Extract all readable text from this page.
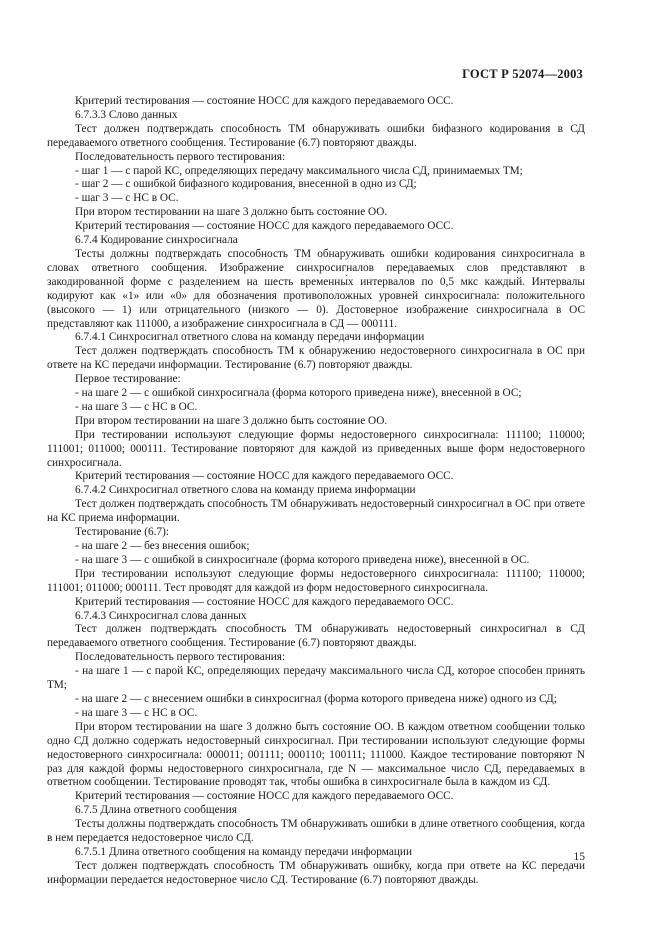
ГОСТ Р 52074—2003

Критерий тестирования — состояние НОСС для каждого передаваемого ОСС.

6.7.3.3 Слово данных

Тест должен подтверждать способность ТМ обнаруживать ошибки бифазного кодирования в СД передаваемого ответного сообщения. Тестирование (6.7) повторяют дважды.

Последовательность первого тестирования:

- шаг 1 — с парой КС, определяющих передачу максимального числа СД, принимаемых ТМ;

- шаг 2 — с ошибкой бифазного кодирования, внесенной в одно из СД;

- шаг 3 — с НС в ОС.

При втором тестировании на шаге 3 должно быть состояние ОО.

Критерий тестирования — состояние НОСС для каждого передаваемого ОСС.

6.7.4 Кодирование синхросигнала

Тесты должны подтверждать способность ТМ обнаруживать ошибки кодирования синхросигнала в словах ответного сообщения. Изображение синхросигналов передаваемых слов представляют в закодированной форме с разделением на шесть временны́х интервалов по 0,5 мкс каждый. Интервалы кодируют как «1» или «0» для обозначения противоположных уровней синхросигнала: положительного (высокого — 1) или отрицательного (низкого — 0). Достоверное изображение синхросигнала в ОС представляют как 111000, а изображение синхросигнала в СД — 000111.

6.7.4.1 Синхросигнал ответного слова на команду передачи информации

Тест должен подтверждать способность ТМ к обнаружению недостоверного синхросигнала в ОС при ответе на КС передачи информации. Тестирование (6.7) повторяют дважды.

Первое тестирование:

- на шаге 2 — с ошибкой синхросигнала (форма которого приведена ниже), внесенной в ОС;

- на шаге 3 — с НС в ОС.

При втором тестировании на шаге 3 должно быть состояние ОО.

При тестировании используют следующие формы недостоверного синхросигнала: 111100; 110000; 111001; 011000; 000111. Тестирование повторяют для каждой из приведенных выше форм недостоверного синхросигнала.

Критерий тестирования — состояние НОСС для каждого передаваемого ОСС.

6.7.4.2 Синхросигнал ответного слова на команду приема информации

Тест должен подтверждать способность ТМ обнаруживать недостоверный синхросигнал в ОС при ответе на КС приема информации.

Тестирование (6.7):

- на шаге 2 — без внесения ошибок;

- на шаге 3 — с ошибкой в синхросигнале (форма которого приведена ниже), внесенной в ОС.

При тестировании используют следующие формы недостоверного синхросигнала: 111100; 110000; 111001; 011000; 000111. Тест проводят для каждой из форм недостоверного синхросигнала.

Критерий тестирования — состояние НОСС для каждого передаваемого ОСС.

6.7.4.3 Синхросигнал слова данных

Тест должен подтверждать способность ТМ обнаруживать недостоверный синхросигнал в СД передаваемого ответного сообщения. Тестирование (6.7) повторяют дважды.

Последовательность первого тестирования:

- на шаге 1 — с парой КС, определяющих передачу максимального числа СД, которое способен принять ТМ;

- на шаге 2 — с внесением ошибки в синхросигнал (форма которого приведена ниже) одного из СД;

- на шаге 3 — с НС в ОС.

При втором тестировании на шаге 3 должно быть состояние ОО. В каждом ответном сообщении только одно СД должно содержать недостоверный синхросигнал. При тестировании используют следующие формы недостоверного синхросигнала: 000011; 001111; 000110; 100111; 111000. Каждое тестирование повторяют N раз для каждой формы недостоверного синхросигнала, где N — максимальное число СД, передаваемых в ответном сообщении. Тестирование проводят так, чтобы ошибка в синхросигнале была в каждом из СД.

Критерий тестирования — состояние НОСС для каждого передаваемого ОСС.

6.7.5 Длина ответного сообщения

Тесты должны подтверждать способность ТМ обнаруживать ошибки в длине ответного сообщения, когда в нем передается недостоверное число СД.

6.7.5.1 Длина ответного сообщения на команду передачи информации

Тест должен подтверждать способность ТМ обнаруживать ошибку, когда при ответе на КС передачи информации передается недостоверное число СД. Тестирование (6.7) повторяют дважды.

15
